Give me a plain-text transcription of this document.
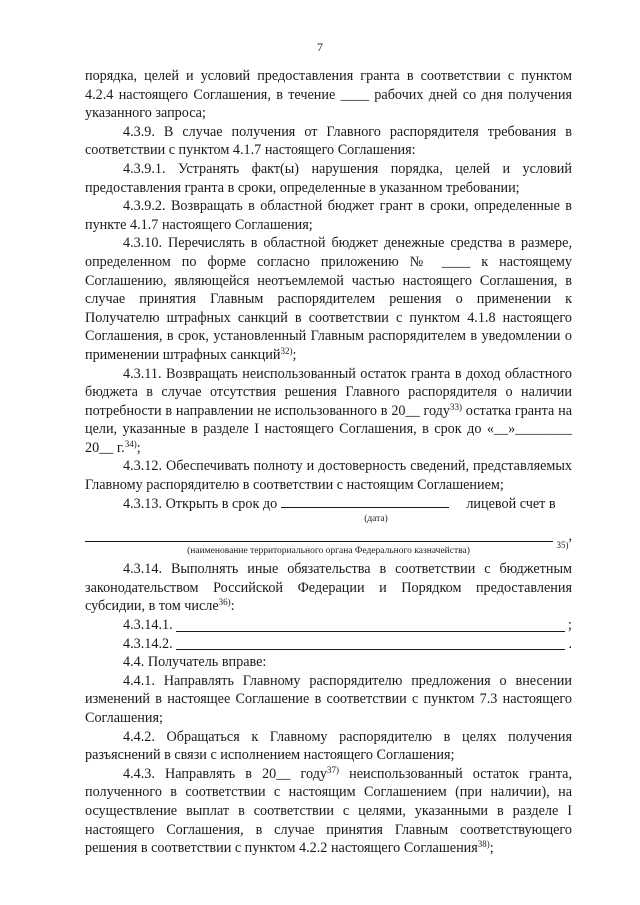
7

порядка, целей и условий предоставления гранта в соответствии с пунктом 4.2.4 настоящего Соглашения, в течение ____ рабочих дней со дня получения указанного запроса;

4.3.9. В случае получения от Главного распорядителя требования в соответствии с пунктом 4.1.7 настоящего Соглашения:

4.3.9.1. Устранять факт(ы) нарушения порядка, целей и условий предоставления гранта в сроки, определенные в указанном требовании;

4.3.9.2. Возвращать в областной бюджет грант в сроки, определенные в пункте 4.1.7 настоящего Соглашения;

4.3.10. Перечислять в областной бюджет денежные средства в размере, определенном по форме согласно приложению № ____ к настоящему Соглашению, являющейся неотъемлемой частью настоящего Соглашения, в случае принятия Главным распорядителем решения о применении к Получателю штрафных санкций в соответствии с пунктом 4.1.8 настоящего Соглашения, в срок, установленный Главным распорядителем в уведомлении о применении штрафных санкций$^{32)}$;

4.3.11. Возвращать неиспользованный остаток гранта в доход областного бюджета в случае отсутствия решения Главного распорядителя о наличии потребности в направлении не использованного в 20__ году$^{33)}$ остатка гранта на цели, указанные в разделе I настоящего Соглашения, в срок до «__»________ 20__ г.$^{34)}$;

4.3.12. Обеспечивать полноту и достоверность сведений, представляемых Главному распорядителю в соответствии с настоящим Соглашением;

4.3.13. Открыть в срок до	лицевой счет в

(дата)
35)
,
(наименование территориального органа Федерального казначейства)

4.3.14. Выполнять иные обязательства в соответствии с бюджетным законодательством Российской Федерации и Порядком предоставления субсидии, в том числе$^{36)}$:

4.3.14.1.	;
4.3.14.2.	.

4.4. Получатель вправе:

4.4.1. Направлять Главному распорядителю предложения о внесении изменений в настоящее Соглашение в соответствии с пунктом 7.3 настоящего Соглашения;

4.4.2. Обращаться к Главному распорядителю в целях получения разъяснений в связи с исполнением настоящего Соглашения;

4.4.3. Направлять в 20__ году$^{37)}$ неиспользованный остаток гранта, полученного в соответствии с настоящим Соглашением (при наличии), на осуществление выплат в соответствии с целями, указанными в разделе I настоящего Соглашения, в случае принятия Главным соответствующего решения в соответствии с пунктом 4.2.2 настоящего Соглашения$^{38)}$;
